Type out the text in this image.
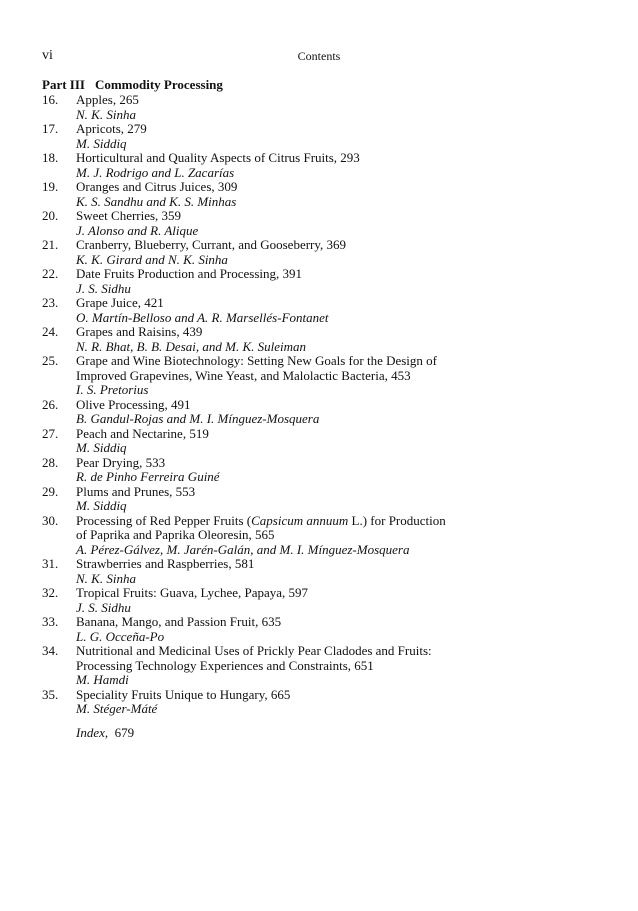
vi	Contents
Part III Commodity Processing
16. Apples, 265
N. K. Sinha
17. Apricots, 279
M. Siddiq
18. Horticultural and Quality Aspects of Citrus Fruits, 293
M. J. Rodrigo and L. Zacarías
19. Oranges and Citrus Juices, 309
K. S. Sandhu and K. S. Minhas
20. Sweet Cherries, 359
J. Alonso and R. Alique
21. Cranberry, Blueberry, Currant, and Gooseberry, 369
K. K. Girard and N. K. Sinha
22. Date Fruits Production and Processing, 391
J. S. Sidhu
23. Grape Juice, 421
O. Martín-Belloso and A. R. Marsellés-Fontanet
24. Grapes and Raisins, 439
N. R. Bhat, B. B. Desai, and M. K. Suleiman
25. Grape and Wine Biotechnology: Setting New Goals for the Design of
Improved Grapevines, Wine Yeast, and Malolactic Bacteria, 453
I. S. Pretorius
26. Olive Processing, 491
B. Gandul-Rojas and M. I. Mínguez-Mosquera
27. Peach and Nectarine, 519
M. Siddiq
28. Pear Drying, 533
R. de Pinho Ferreira Guiné
29. Plums and Prunes, 553
M. Siddiq
30. Processing of Red Pepper Fruits (Capsicum annuum L.) for Production
of Paprika and Paprika Oleoresin, 565
A. Pérez-Gálvez, M. Jarén-Galán, and M. I. Mínguez-Mosquera
31. Strawberries and Raspberries, 581
N. K. Sinha
32. Tropical Fruits: Guava, Lychee, Papaya, 597
J. S. Sidhu
33. Banana, Mango, and Passion Fruit, 635
L. G. Occeña-Po
34. Nutritional and Medicinal Uses of Prickly Pear Cladodes and Fruits:
Processing Technology Experiences and Constraints, 651
M. Hamdi
35. Speciality Fruits Unique to Hungary, 665
M. Stéger-Máté
Index, 679
